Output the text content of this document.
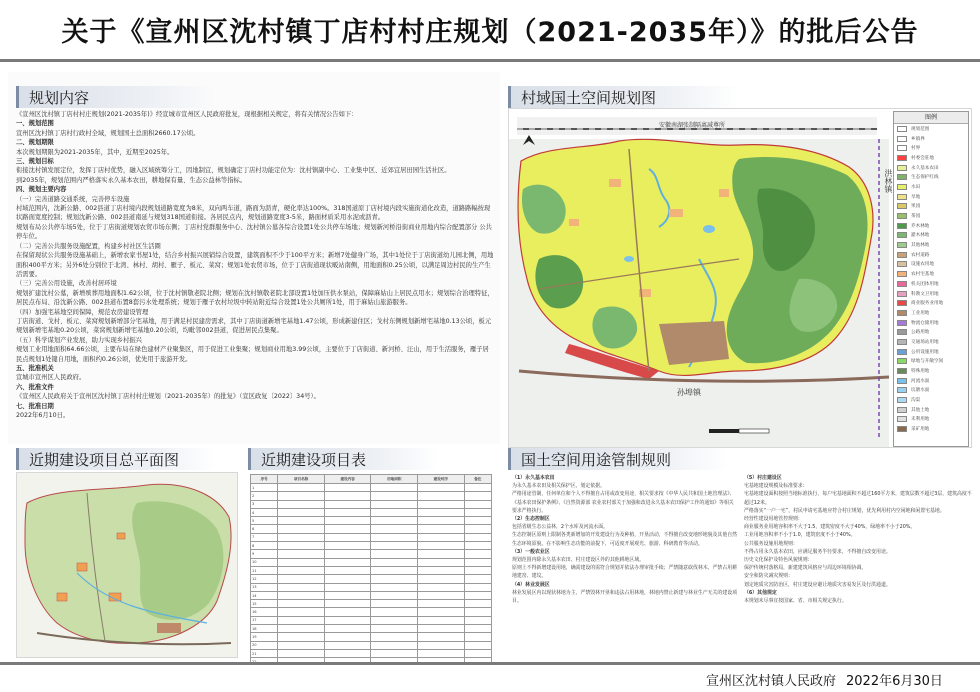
关于《宣州区沈村镇丁店村村庄规划（2021-2035年）》的批后公告
规划内容

《宣州区沈村镇丁店村村庄规划(2021-2035年)》经宣城市宣州区人民政府批复，现根据相关规定，将有关情况公告如下：

一、规划范围

宣州区沈村镇丁店村行政村全域，规划国土总面积2660.17公顷。

二、规划期限

本次规划期限为2021-2035年，其中，近期至2025年。

三、规划目标

衔接沈村镇发展定位，发挥丁店村优势，融入区域统筹分工，因地制宜，规划确定丁店村功能定位为：沈村镇副中心、工业集中区、近郊宜居田园生活社区。

到2035年，规划范围内严格落实永久基本农田，耕地保有量、生态公益林等指标。

四、规划主要内容

（一）完善道路交通系统，完善停车设施

村域范围内，沈新公路、002县道丁店村境内段规划道路宽度为8米，双向两车道，路面为沥青，硬化率达100%。318国道原丁店村境内段实施街道化改造，道路路幅按现状路面宽度控制；规划沈新公路、002县道南延与规划318国道衔接。各居民点内，规划道路宽度3-5米，路面材质采用水泥或沥青。

规划布局公共停车场5处，位于丁店街道规划农贸市场东侧；丁店村党群服务中心、沈村镇公墓各综合设置1处公共停车场地；规划新河桥沿街商业用地内综合配置部分 公共停车位。

（二）完善公共服务设施配置，构建乡村社区生活圈

在保留现状公共服务设施基础上，新增农家书屋1处，结合乡村振兴展销综合设置，建筑面积不少于100平方米；新增7处健身广场，其中1处位于丁店街道幼儿园北侧，用地面积400平方米；另外6处分别位于北湾、林村、胡村、雁子、板元、菜窝；规划1处农贸市场，位于丁店街道现状畈站南侧，用地面积0.25公顷，以满足周边村民的生产生活需要。

（三）完善公用设施，改善村居环境

规划扩建沈村公墓，新增殡葬用地面积1.62公顷，位于沈村镇敬老院北侧；规划在沈村镇敬老院北部设置1处加压供水泵站，保障麻姑山上居民点用水；规划综合治理特征，居民点布局、沿沈新公路、002县道布置8套污水处理系统；规划于雁子农村垃圾中转站附近综合设置1处公共厕所1处，用于麻姑山旅游服务。

（四）加强宅基地空间保障，规范农房建设管理

丁店街道、戈村、板元、菜窝规划新增部分宅基地，用于满足村民建房需求，其中丁店街道新增宅基地1.47公顷，形成新建住区；戈村东侧规划新增宅基地0.13公顷，板元规划新增宅基地0.20公顷，菜窝规划新增宅基地0.20公顷，均毗邻002县道，促进居民点集聚。

（五）科学谋划产业发展，助力实现乡村振兴

规划工业用地面积64.66公顷，主要布局在绿色建材产业聚集区，用于促进工业集聚；规划商业用地3.99公顷，主要位于丁店街道、新河桥、汪山，用于生活服务，雁子居民点规划1处键自用地，面积约0.26公顷，优先用于旅游开发。

五、批准机关

宣城市宣州区人民政府。

六、批准文件

《宣州区人民政府关于宣州区沈村镇丁店村村庄规划（2021-2035年）的批复》（宣区政复〔2022〕34号）。

七、批准日期

2022年6月10日。

村域国土空间规划图
安徽南湖张制隔离减尊所
洪林镇
孙埠镇
图例
规划范围
乡镇界
村界
村委会驻地
永久基本农田
生态保护红线
水田
旱地
果园
茶园
乔木林地
灌木林地
其他林地
农村道路
设施农用地
农村宅基地
机关团体用地
科教文卫用地
商业服务业用地
工业用地
物流仓储用地
公路用地
交通场站用地
公用设施用地
绿地与开敞空间
特殊用地
河流水面
坑塘水面
沟渠
其他土地
未利用地
采矿用地
近期建设项目总平面图	近期建设项目表
序号	项目名称	建设内容	用地面积	建设时序	备注
1					
2					
3					
4					
5					
6					
7					
8					
9					
10					
11					
12					
13					
14					
15					
16					
17					
18					
19					
20					
21					

国土空间用途管制规则

（1）永久基本农田

为永久基本农田及相关保护区，划定依据。

严格用途管制，任何单位和个人不得擅自占用或改变用途，相关要求按《中华人民共和国土地管理法》、《基本农田保护条例》、《自然资源部 农业农村部关于加强和改进永久基本农田保护工作的通知》等相关要求严格执行。

（2）生态控制区

包括省级生态公益林，2个水库及河流水面。

生态控制区原则上限制各类新增加的开发建设行为及种植，开垦活动，不得擅自改变地形地貌及其他自然生态环境原貌，在不影响生态功能的前提下，可适度开展观光、旅游、科研教育等活动。

（3）一般农业区

规划范围内除永久基本农田、村庄建设区外的其他耕地区域。

原则上不得新增建设用地，确需建设的需符合规划并依法办理审批手续；严禁随意砍伐林木、严禁占用耕地建窑、建坟。

（4）林业发展区

林业发展区内以现状林地为主，严禁毁林开垦和违法占用林地，林地内禁止新建与林业生产无关的建设项目。

（5）村庄建设区

宅基地建设规模及标准要求：

宅基地建设面积按照当地标准执行，每户宅基地面积不超过160平方米，建筑层数不超过3层，建筑高度不超过12米。

严格落实“一户一宅”，村民申请宅基地应符合村庄规划，优先利用村内空闲地和闲置宅基地。

经营性建设用地管控规则：

商业服务业用地容积率不大于1.5，建筑密度不大于40%，绿地率不小于20%。

工业用地容积率不小于1.0，建筑密度不小于40%。

公共服务设施用地规则：

不得占用永久基本农田，应满足服务半径要求，不得擅自改变用途。

历史文化保护及特色风貌规则：

保护传统村落格局，新建建筑风格应与周边环境相协调。

安全和防灾减灾规则：

划定地质灾害防治区，村庄建设应避让地质灾害易发区及行洪通道。

（6）其他规定

本规划未尽事宜按国家、省、市相关规定执行。

宣州区沈村镇人民政府 2022年6月30日
